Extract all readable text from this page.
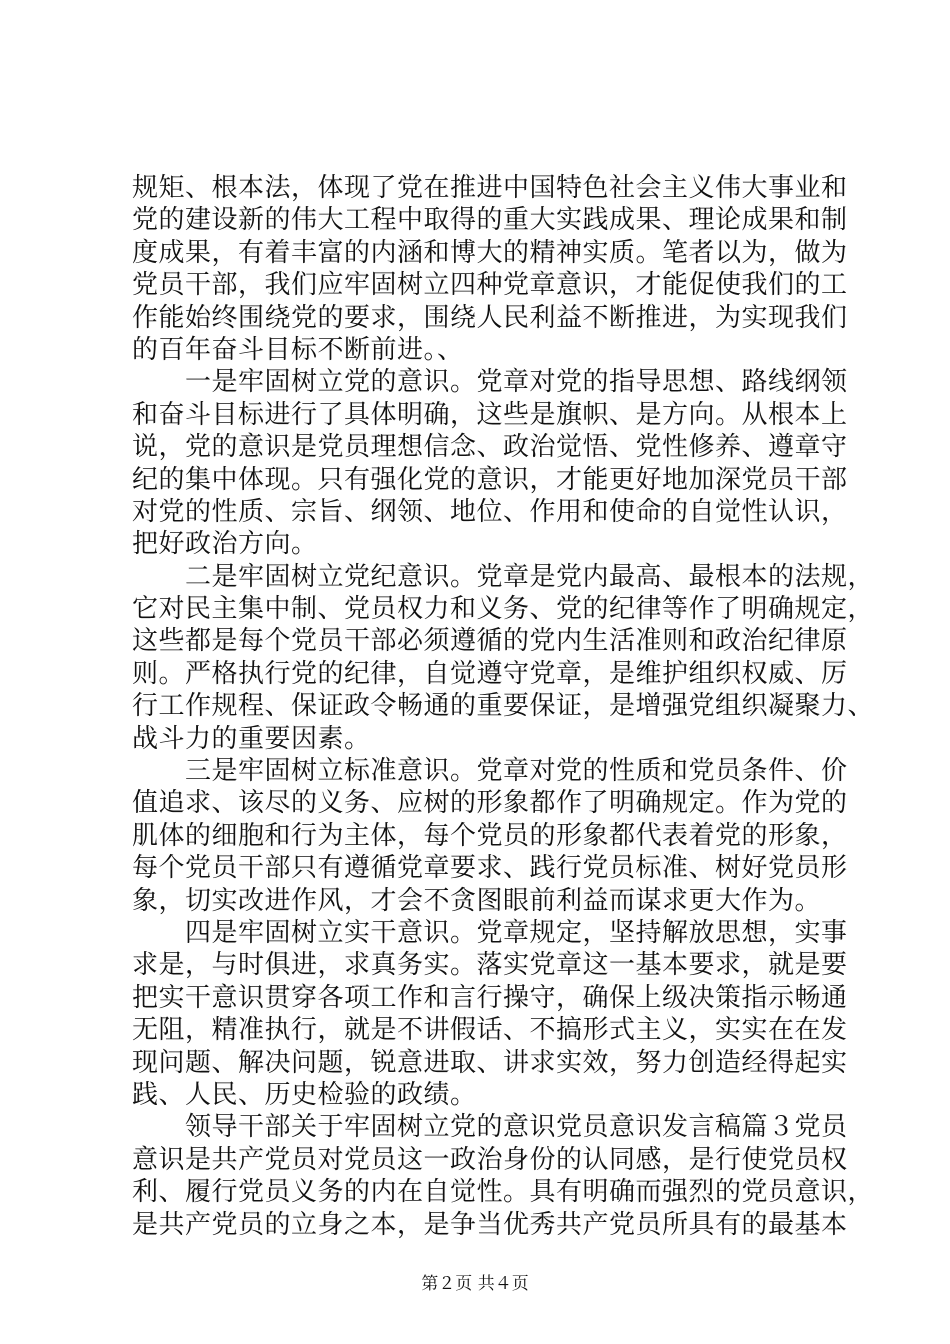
规矩、根本法，体现了党在推进中国特色社会主义伟大事业和
党的建设新的伟大工程中取得的重大实践成果、理论成果和制
度成果，有着丰富的内涵和博大的精神实质。笔者以为，做为
党员干部，我们应牢固树立四种党章意识，才能促使我们的工
作能始终围绕党的要求，围绕人民利益不断推进，为实现我们
的百年奋斗目标不断前进。、
　　一是牢固树立党的意识。党章对党的指导思想、路线纲领
和奋斗目标进行了具体明确，这些是旗帜、是方向。从根本上
说，党的意识是党员理想信念、政治觉悟、党性修养、遵章守
纪的集中体现。只有强化党的意识，才能更好地加深党员干部
对党的性质、宗旨、纲领、地位、作用和使命的自觉性认识，
把好政治方向。
　　二是牢固树立党纪意识。党章是党内最高、最根本的法规，
它对民主集中制、党员权力和义务、党的纪律等作了明确规定，
这些都是每个党员干部必须遵循的党内生活准则和政治纪律原
则。严格执行党的纪律，自觉遵守党章，是维护组织权威、厉
行工作规程、保证政令畅通的重要保证，是增强党组织凝聚力、
战斗力的重要因素。
　　三是牢固树立标准意识。党章对党的性质和党员条件、价
值追求、该尽的义务、应树的形象都作了明确规定。作为党的
肌体的细胞和行为主体，每个党员的形象都代表着党的形象，
每个党员干部只有遵循党章要求、践行党员标准、树好党员形
象，切实改进作风，才会不贪图眼前利益而谋求更大作为。
　　四是牢固树立实干意识。党章规定，坚持解放思想，实事
求是，与时俱进，求真务实。落实党章这一基本要求，就是要
把实干意识贯穿各项工作和言行操守，确保上级决策指示畅通
无阻，精准执行，就是不讲假话、不搞形式主义，实实在在发
现问题、解决问题，锐意进取、讲求实效，努力创造经得起实
践、人民、历史检验的政绩。
　　领导干部关于牢固树立党的意识党员意识发言稿篇３党员
意识是共产党员对党员这一政治身份的认同感，是行使党员权
利、履行党员义务的内在自觉性。具有明确而强烈的党员意识，
是共产党员的立身之本，是争当优秀共产党员所具有的最基本
第２页 共４页
